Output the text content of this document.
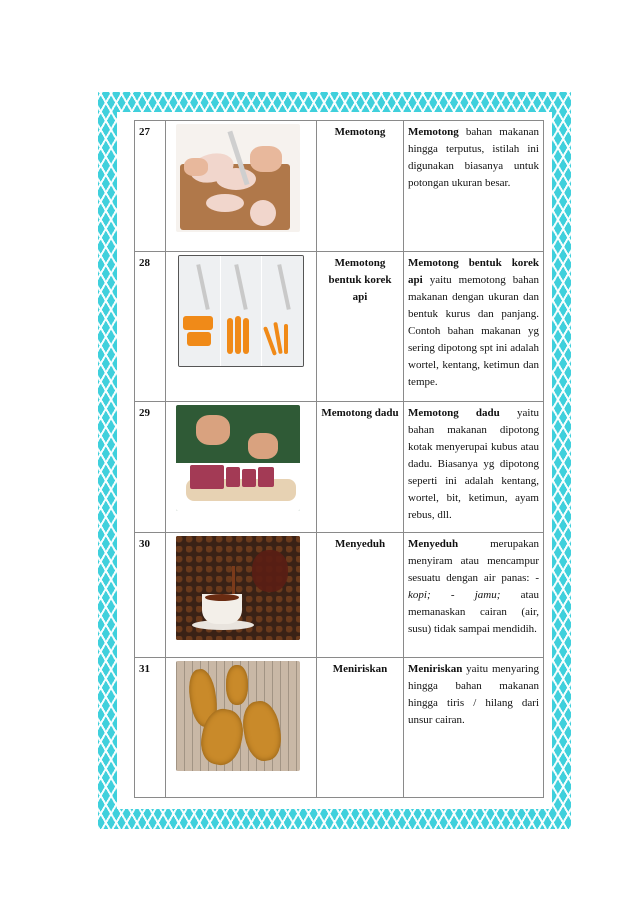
27		Memotong	Memotong bahan makanan hingga terputus, istilah ini digunakan biasanya untuk potongan ukuran besar.
28		Memotong bentuk korek api	Memotong bentuk korek api yaitu memotong bahan makanan dengan ukuran dan bentuk kurus dan panjang. Contoh bahan makanan yg sering dipotong spt ini adalah wortel, kentang, ketimun dan tempe.
29		Memotong dadu	Memotong dadu yaitu bahan makanan dipotong kotak menyerupai kubus atau dadu. Biasanya yg dipotong seperti ini adalah kentang, wortel, bit, ketimun, ayam rebus, dll.
30		Menyeduh	Menyeduh merupakan menyiram atau mencampur sesuatu dengan air panas: - kopi; - jamu; atau memanaskan cairan (air, susu) tidak sampai mendidih.
31		Meniriskan	Meniriskan yaitu menyaring hingga bahan makanan hingga tiris / hilang dari unsur cairan.
